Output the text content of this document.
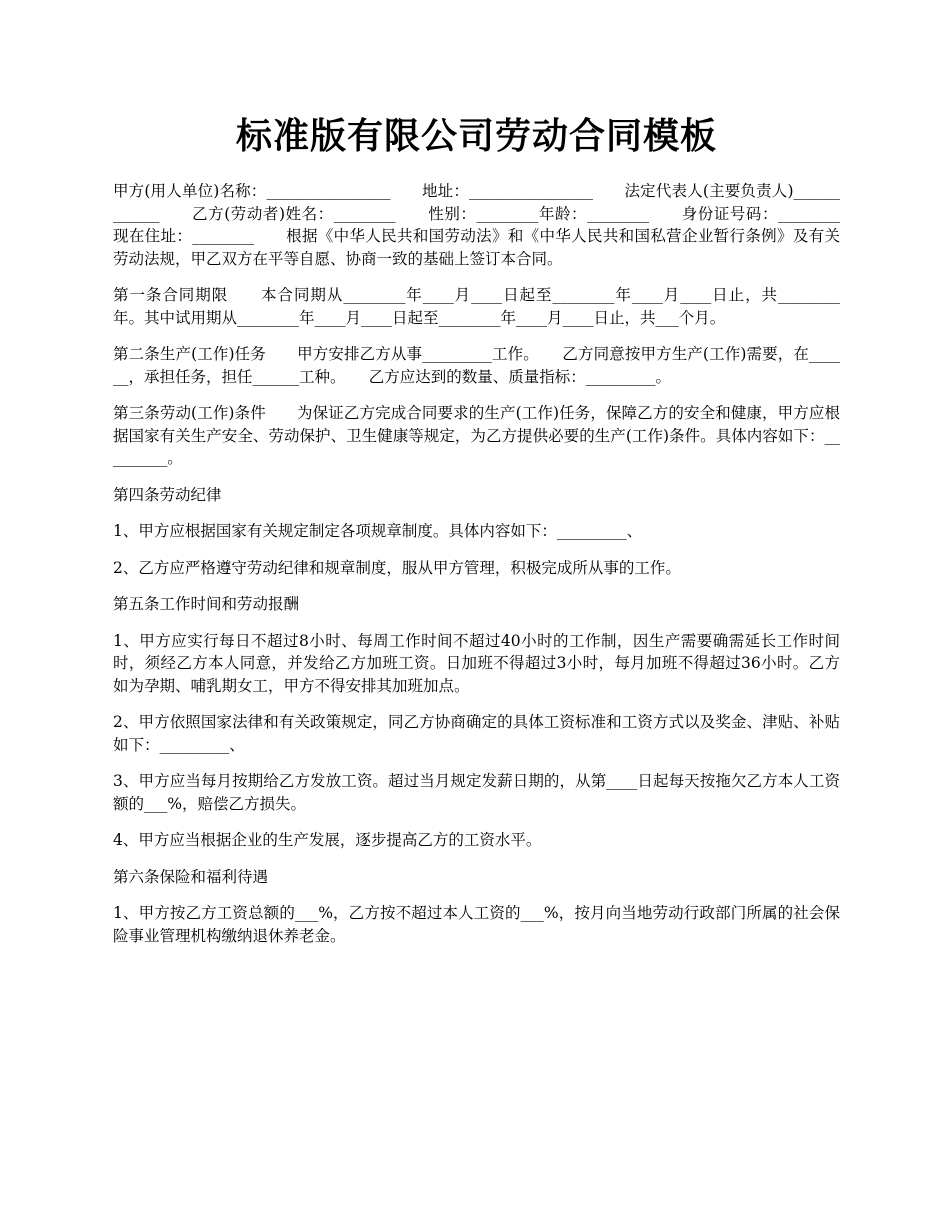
标准版有限公司劳动合同模板

甲方(用人单位)名称：________________　　地址：________________　　法定代表人(主要负责人)____________　　乙方(劳动者)姓名：________　　性别：________年龄：________　　身份证号码：________　　现在住址：________　　根据《中华人民共和国劳动法》和《中华人民共和国私营企业暂行条例》及有关劳动法规，甲乙双方在平等自愿、协商一致的基础上签订本合同。

第一条合同期限　　本合同期从________年____月____日起至________年____月____日止，共________年。其中试用期从________年____月____日起至________年____月____日止，共___个月。

第二条生产(工作)任务　　甲方安排乙方从事_________工作。　　乙方同意按甲方生产(工作)需要，在______，承担任务，担任______工种。　　乙方应达到的数量、质量指标：_________。

第三条劳动(工作)条件　　为保证乙方完成合同要求的生产(工作)任务，保障乙方的安全和健康，甲方应根据国家有关生产安全、劳动保护、卫生健康等规定，为乙方提供必要的生产(工作)条件。具体内容如下：_________。

第四条劳动纪律

1、甲方应根据国家有关规定制定各项规章制度。具体内容如下：_________、

2、乙方应严格遵守劳动纪律和规章制度，服从甲方管理，积极完成所从事的工作。

第五条工作时间和劳动报酬

1、甲方应实行每日不超过8小时、每周工作时间不超过40小时的工作制，因生产需要确需延长工作时间时，须经乙方本人同意，并发给乙方加班工资。日加班不得超过3小时，每月加班不得超过36小时。乙方如为孕期、哺乳期女工，甲方不得安排其加班加点。

2、甲方依照国家法律和有关政策规定，同乙方协商确定的具体工资标准和工资方式以及奖金、津贴、补贴如下：_________、

3、甲方应当每月按期给乙方发放工资。超过当月规定发薪日期的，从第____日起每天按拖欠乙方本人工资额的___%，赔偿乙方损失。

4、甲方应当根据企业的生产发展，逐步提高乙方的工资水平。

第六条保险和福利待遇

1、甲方按乙方工资总额的___%，乙方按不超过本人工资的___%，按月向当地劳动行政部门所属的社会保险事业管理机构缴纳退休养老金。
